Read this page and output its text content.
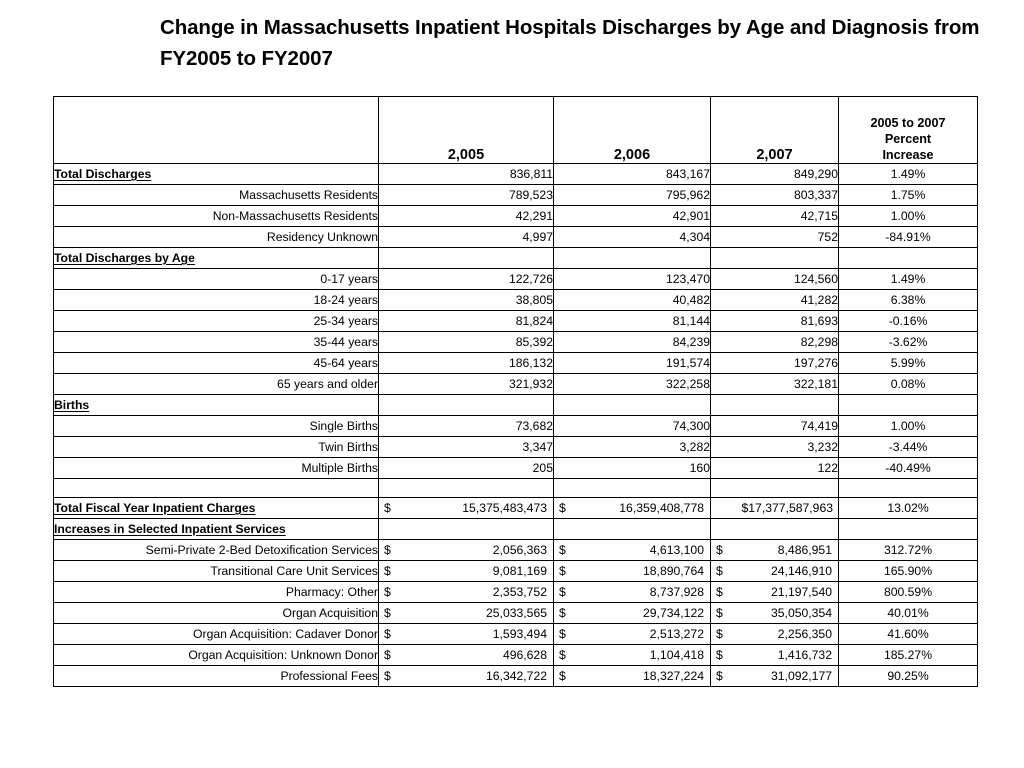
Change in Massachusetts Inpatient Hospitals Discharges by Age and Diagnosis from FY2005 to FY2007
	2,005	2,006	2,007	2005 to 2007
Percent
Increase

Total Discharges	836,811	843,167	849,290	1.49%
Massachusetts Residents	789,523	795,962	803,337	1.75%
Non-Massachusetts Residents	42,291	42,901	42,715	1.00%
Residency Unknown	4,997	4,304	752	-84.91%
Total Discharges by Age				
0-17 years	122,726	123,470	124,560	1.49%
18-24 years	38,805	40,482	41,282	6.38%
25-34 years	81,824	81,144	81,693	-0.16%
35-44 years	85,392	84,239	82,298	-3.62%
45-64 years	186,132	191,574	197,276	5.99%
65 years and older	321,932	322,258	322,181	0.08%
Births				
Single Births	73,682	74,300	74,419	1.00%
Twin Births	3,347	3,282	3,232	-3.44%
Multiple Births	205	160	122	-40.49%

Total Fiscal Year Inpatient Charges	$ 15,375,483,473	$ 16,359,408,778	$17,377,587,963	13.02%
Increases in Selected Inpatient Services				
Semi-Private 2-Bed Detoxification Services	$ 2,056,363	$ 4,613,100	$ 8,486,951	312.72%
Transitional Care Unit Services	$ 9,081,169	$ 18,890,764	$ 24,146,910	165.90%
Pharmacy: Other	$ 2,353,752	$ 8,737,928	$ 21,197,540	800.59%
Organ Acquisition	$ 25,033,565	$ 29,734,122	$ 35,050,354	40.01%
Organ Acquisition: Cadaver Donor	$ 1,593,494	$ 2,513,272	$ 2,256,350	41.60%
Organ Acquisition: Unknown Donor	$ 496,628	$ 1,104,418	$ 1,416,732	185.27%
Professional Fees	$ 16,342,722	$ 18,327,224	$ 31,092,177	90.25%
